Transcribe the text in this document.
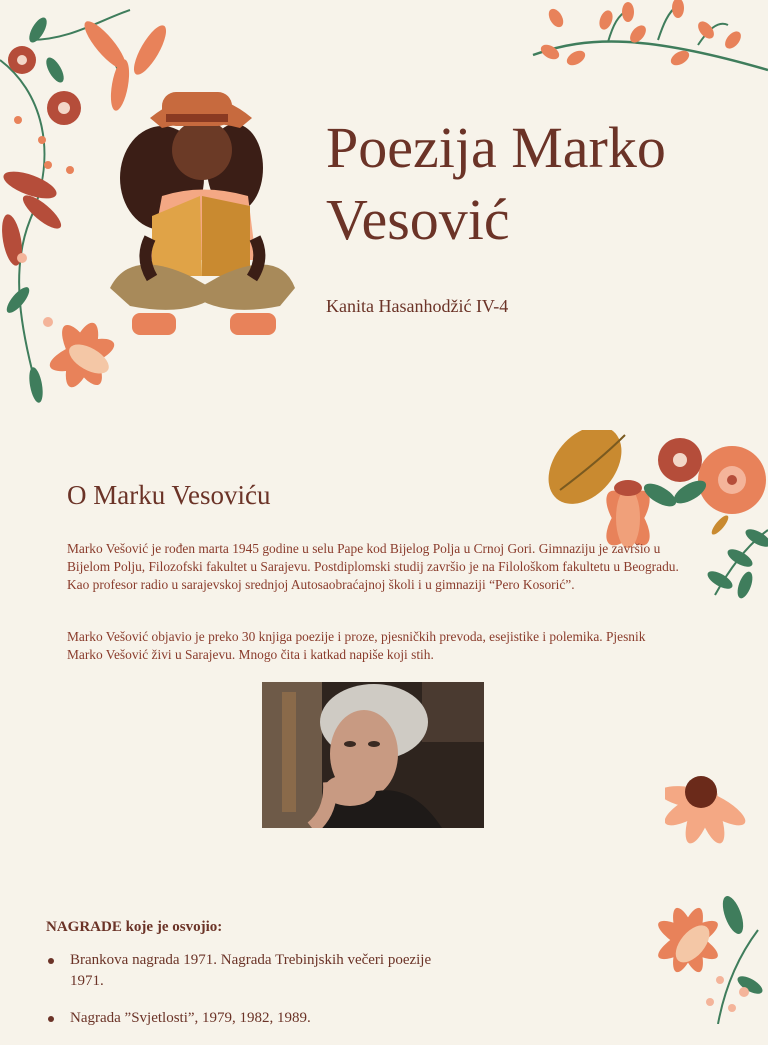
Poezija Marko Vesović

Kanita Hasanhodžić IV-4

O Marku Vesoviću

Marko Vešović je rođen marta 1945 godine u selu Pape kod Bijelog Polja u Crnoj Gori. Gimnaziju je završio u Bijelom Polju, Filozofski fakultet u Sarajevu. Postdiplomski studij završio je na Filološkom fakultetu u Beogradu. Kao profesor radio u sarajevskoj srednjoj Autosaobraćajnoj školi i u gimnaziji “Pero Kosorić”.

Marko Vešović objavio je preko 30 knjiga poezije i proze, pjesničkih prevoda, esejistike i polemika. Pjesnik Marko Vešović živi u Sarajevu. Mnogo čita i katkad napiše koji stih.

NAGRADE koje je osvojio:

Brankova nagrada 1971. Nagrada Trebinjskih večeri poezije 1971.
Nagrada ”Svjetlosti”, 1979, 1982, 1989.
